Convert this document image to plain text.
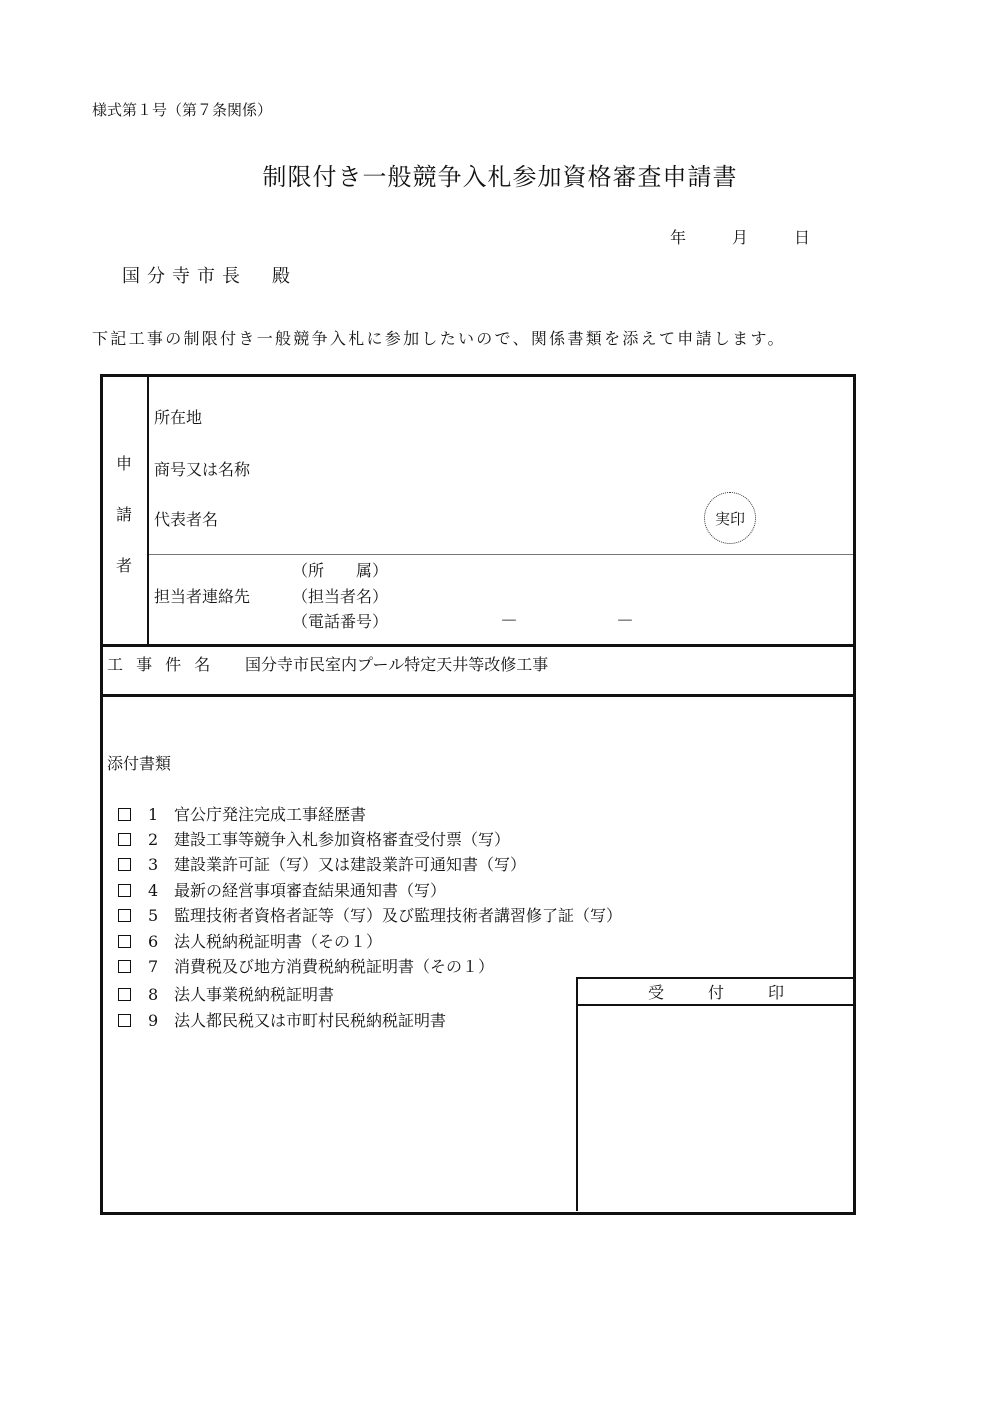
様式第１号（第７条関係）
制限付き一般競争入札参加資格審査申請書
年	月	日
国分寺市長　殿
下記工事の制限付き一般競争入札に参加したいので、関係書類を添えて申請します。
申
請
者
所在地
商号又は名称
代表者名	実印
担当者連絡先
（所　　属）
（担当者名）
（電話番号）	－	－
工 事 件 名 国分寺市民室内プール特定天井等改修工事
添付書類
1 官公庁発注完成工事経歴書
2 建設工事等競争入札参加資格審査受付票（写）
3 建設業許可証（写）又は建設業許可通知書（写）
4 最新の経営事項審査結果通知書（写）
5 監理技術者資格者証等（写）及び監理技術者講習修了証（写）
6 法人税納税証明書（その１）
7 消費税及び地方消費税納税証明書（その１）
8 法人事業税納税証明書
9 法人都民税又は市町村民税納税証明書
受付印
